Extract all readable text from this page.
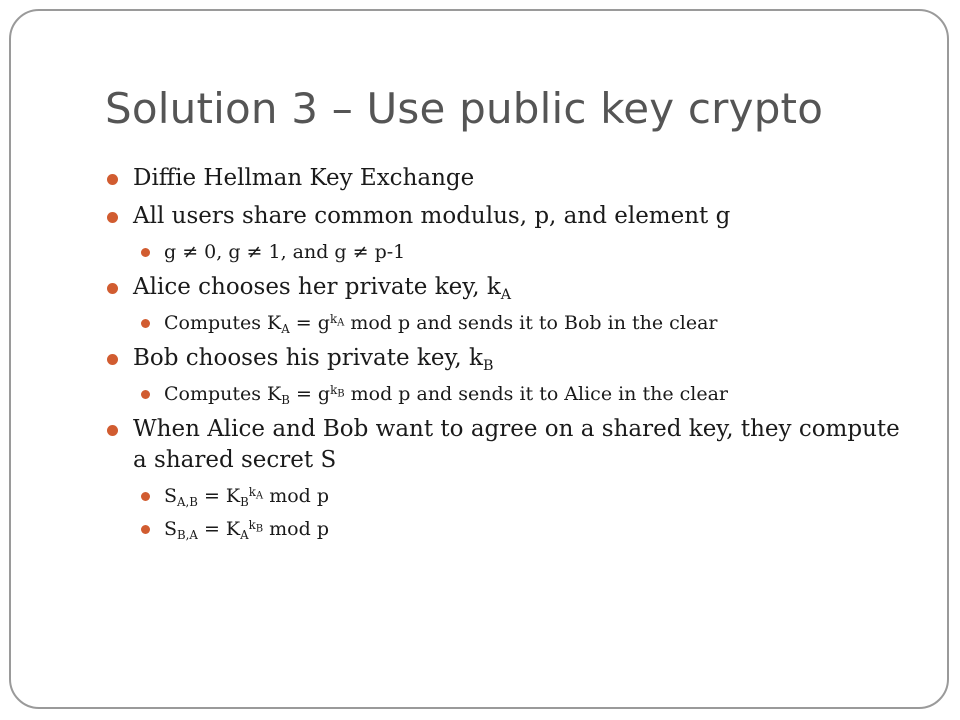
Solution 3 – Use public key crypto
Diffie Hellman Key Exchange
All users share common modulus, p, and element g
g ≠ 0, g ≠ 1, and g ≠ p-1
Alice chooses her private key, $k_A$
Computes $K_A = g^{k_A}$ mod p and sends it to Bob in the clear
Bob chooses his private key, $k_B$
Computes $K_B = g^{k_B}$ mod p and sends it to Alice in the clear
When Alice and Bob want to agree on a shared key, they compute a shared secret S
$S_{A,B} = K_B^{k_A}$ mod p
$S_{B,A} = K_A^{k_B}$ mod p
